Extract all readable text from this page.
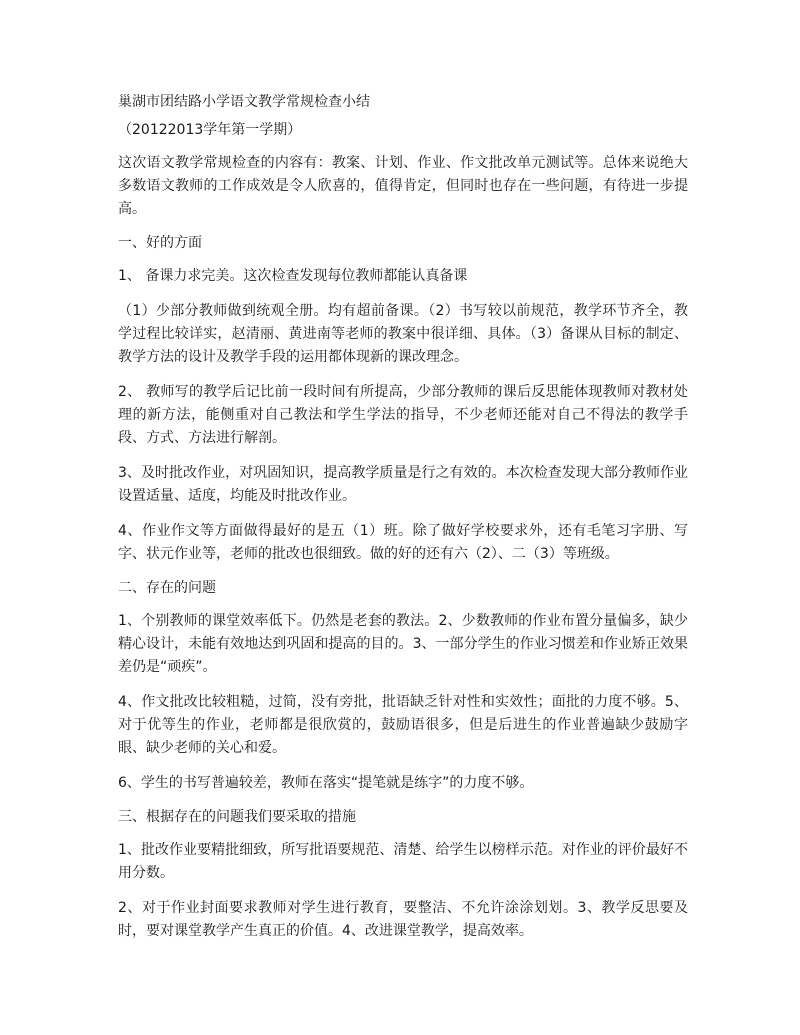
巢湖市团结路小学语文教学常规检查小结
（20122013学年第一学期）

这次语文教学常规检查的内容有：教案、计划、作业、作文批改单元测试等。总体来说绝大多数语文教师的工作成效是令人欣喜的，值得肯定，但同时也存在一些问题，有待进一步提高。

一、好的方面

1、 备课力求完美。这次检查发现每位教师都能认真备课

（1）少部分教师做到统观全册。均有超前备课。（2）书写较以前规范，教学环节齐全，教学过程比较详实，赵清丽、黄进南等老师的教案中很详细、具体。（3）备课从目标的制定、教学方法的设计及教学手段的运用都体现新的课改理念。

2、 教师写的教学后记比前一段时间有所提高，少部分教师的课后反思能体现教师对教材处理的新方法，能侧重对自己教法和学生学法的指导，不少老师还能对自己不得法的教学手段、方式、方法进行解剖。

3、及时批改作业，对巩固知识，提高教学质量是行之有效的。本次检查发现大部分教师作业设置适量、适度，均能及时批改作业。

4、作业作文等方面做得最好的是五（1）班。除了做好学校要求外，还有毛笔习字册、写字、状元作业等，老师的批改也很细致。做的好的还有六（2）、二（3）等班级。

二、存在的问题

1、个别教师的课堂效率低下。仍然是老套的教法。2、少数教师的作业布置分量偏多，缺少精心设计，未能有效地达到巩固和提高的目的。3、一部分学生的作业习惯差和作业矫正效果差仍是“顽疾”。

4、作文批改比较粗糙，过简，没有旁批，批语缺乏针对性和实效性；面批的力度不够。5、对于优等生的作业，老师都是很欣赏的，鼓励语很多，但是后进生的作业普遍缺少鼓励字眼、缺少老师的关心和爱。

6、学生的书写普遍较差，教师在落实“提笔就是练字”的力度不够。

三、根据存在的问题我们要采取的措施

1、批改作业要精批细致，所写批语要规范、清楚、给学生以榜样示范。对作业的评价最好不用分数。

2、对于作业封面要求教师对学生进行教育，要整洁、不允许涂涂划划。3、教学反思要及时，要对课堂教学产生真正的价值。4、改进课堂教学，提高效率。
